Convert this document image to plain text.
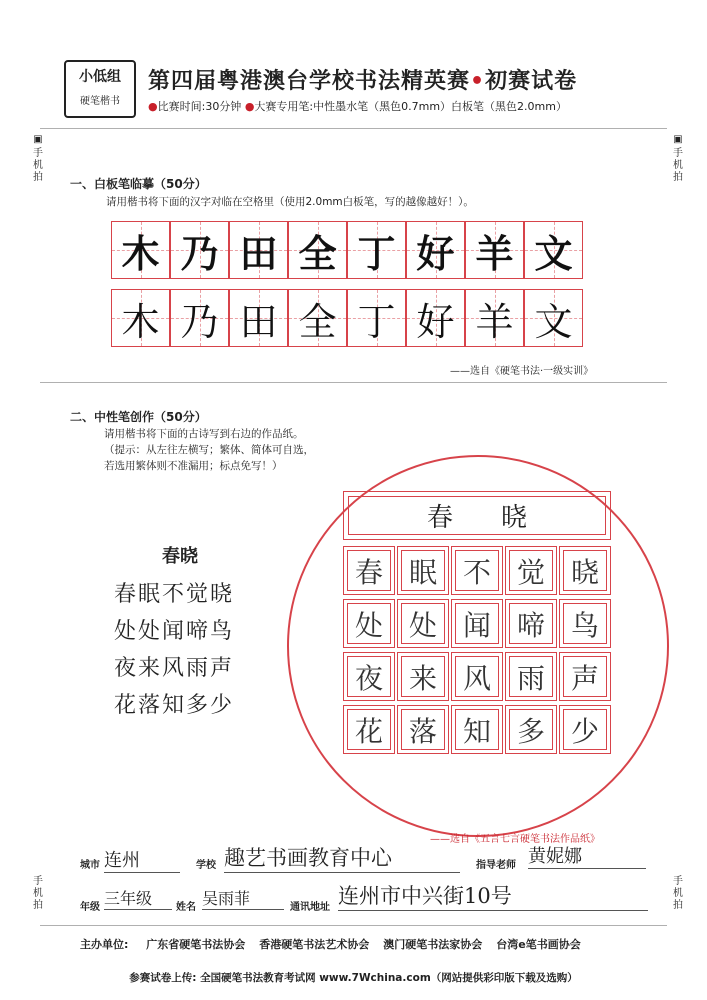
小低组
硬笔楷书
第四届粤港澳台学校书法精英赛•初赛试卷
●比赛时间:30分钟 ●大赛专用笔:中性墨水笔（黑色0.7mm）白板笔（黑色2.0mm）
▣
手机拍
▣
手机拍
手机拍
手机拍
一、白板笔临摹（50分）
请用楷书将下面的汉字对临在空格里（使用2.0mm白板笔，写的越像越好！）。
木 乃 田 全 丁 好 羊 文
木 乃 田 全 丁 好 羊 文
——选自《硬笔书法·一级实训》
二、中性笔创作（50分）
请用楷书将下面的古诗写到右边的作品纸。
（提示：从左往左横写；繁体、简体可自选，
若选用繁体则不准漏用；标点免写！）
春晓
春眠不觉晓
处处闻啼鸟
夜来风雨声
花落知多少
春 晓
春 眠 不 觉 晓
处 处 闻 啼 鸟
夜 来 风 雨 声
花 落 知 多 少
——选自《五言七言硬笔书法作品纸》
城市 连州	学校 趣艺书画教育中心	指导老师 黄妮娜
年级 三年级	姓名 吴雨菲	通讯地址 连州市中兴街10号
主办单位: 广东省硬笔书法协会 香港硬笔书法艺术协会 澳门硬笔书法家协会 台湾e笔书画协会
参赛试卷上传: 全国硬笔书法教育考试网 www.7Wchina.com（网站提供彩印版下载及选购）
